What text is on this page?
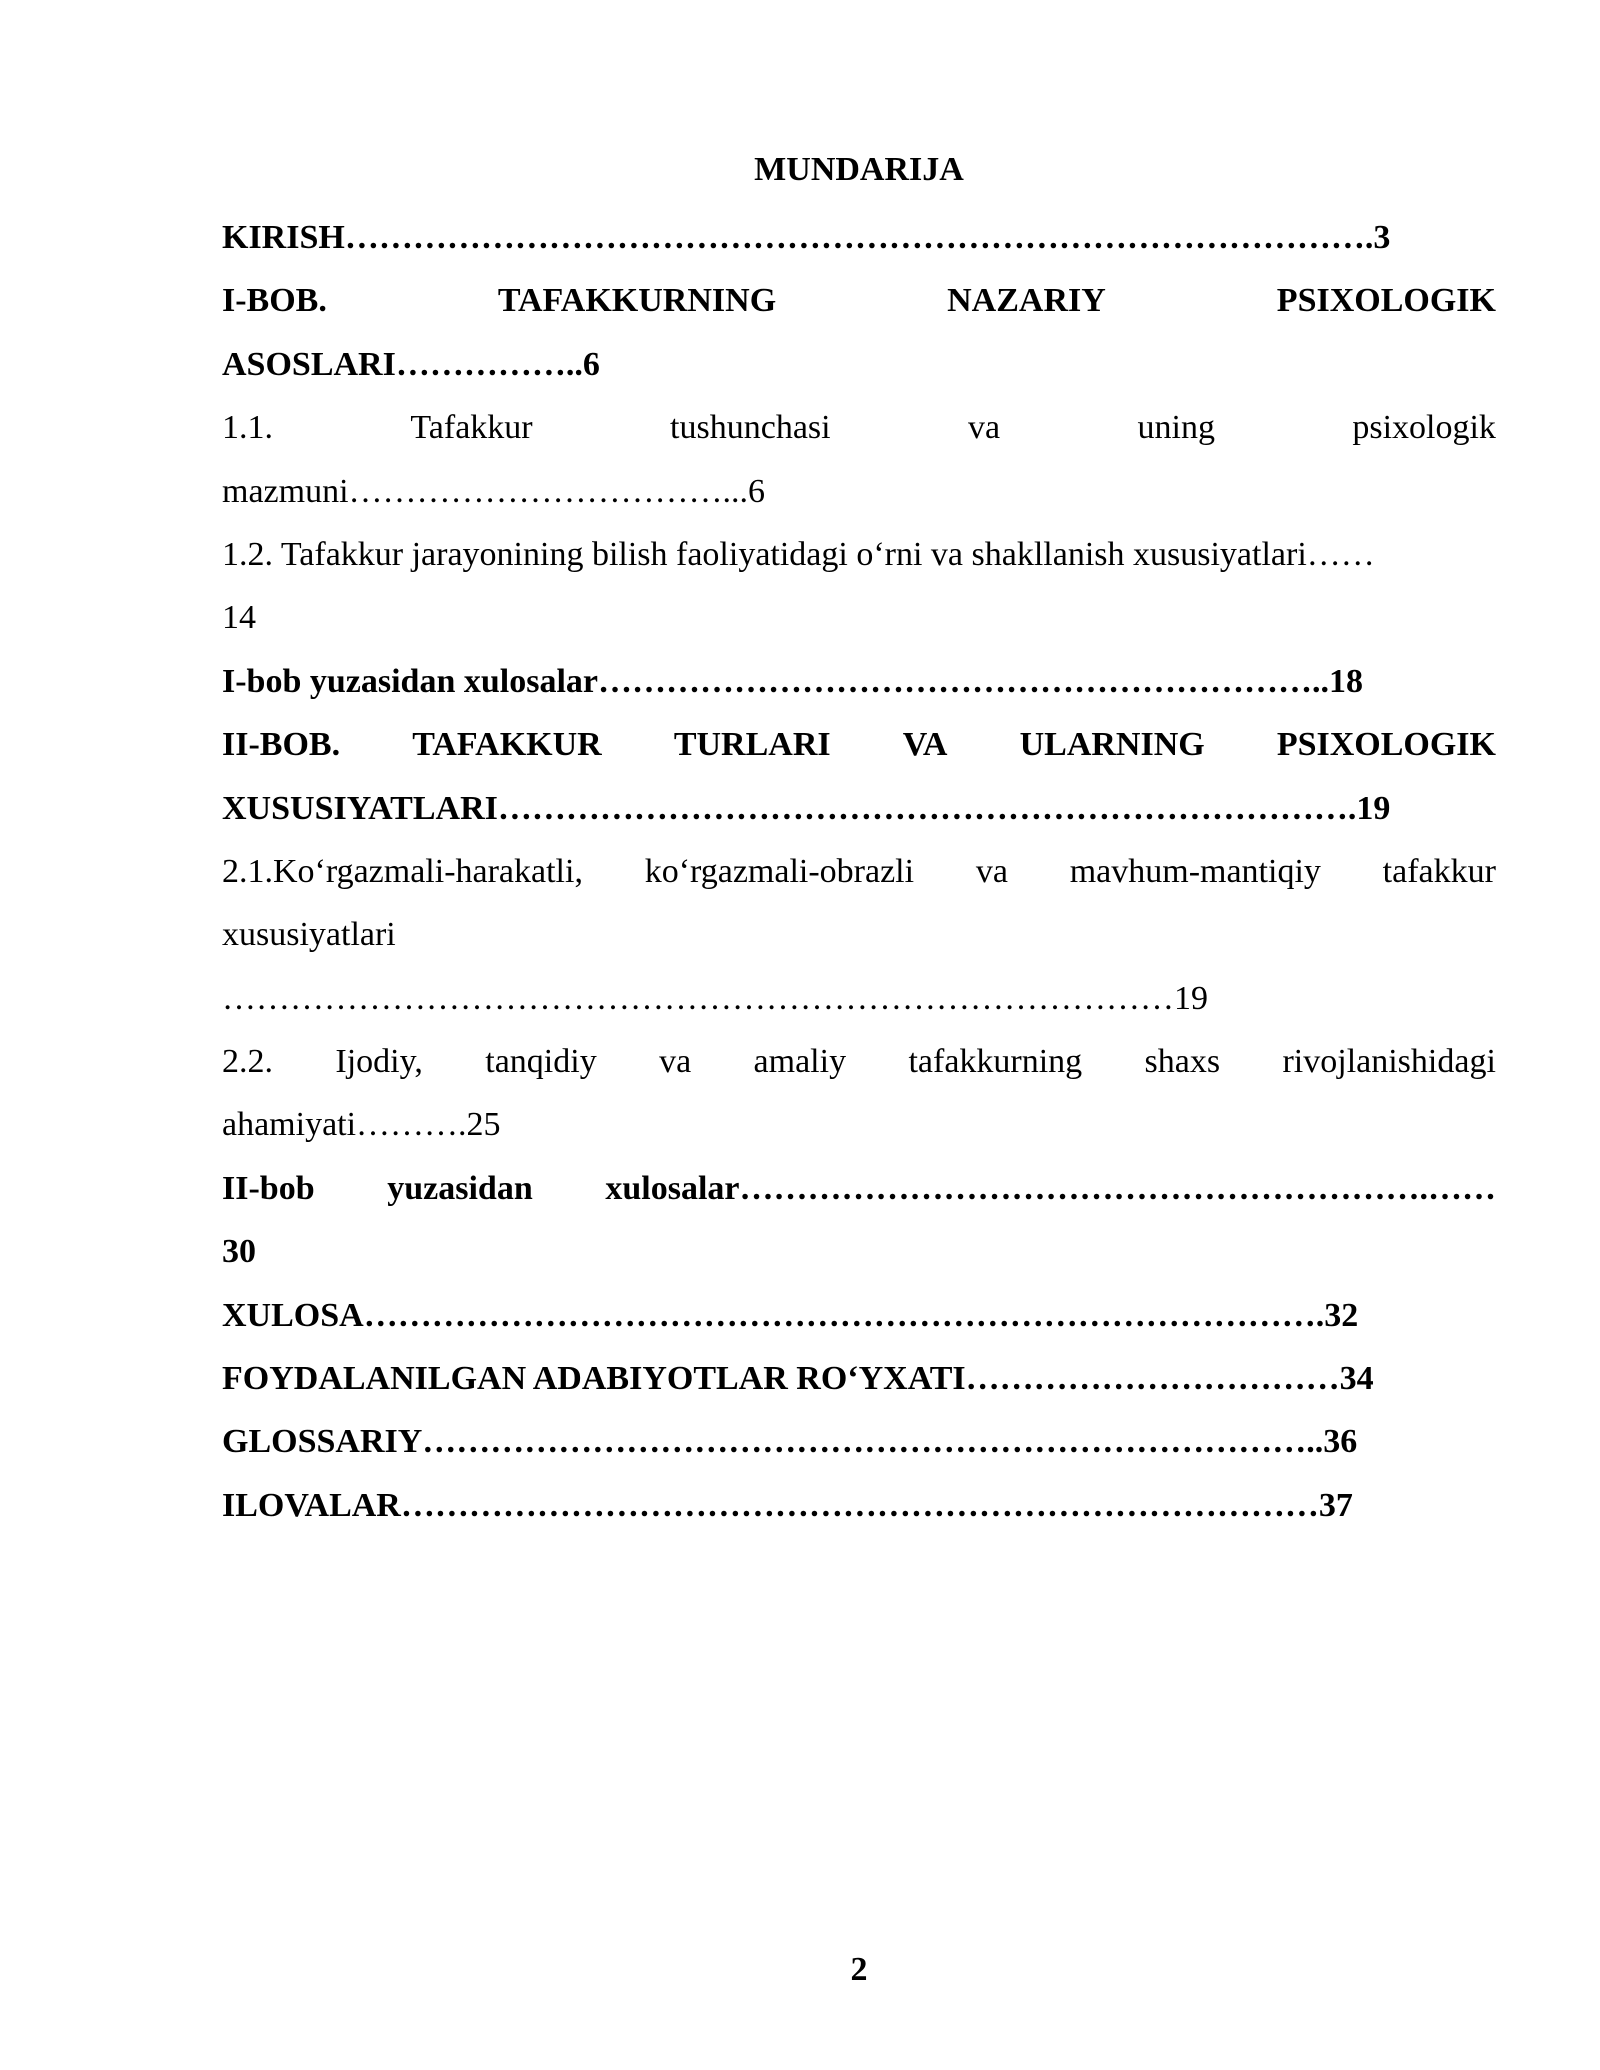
MUNDARIJA
KIRISH……………………………………………………………………………….3
I-BOB.	TAFAKKURNING	NAZARIY	PSIXOLOGIK
ASOSLARI……………..6
1.1.	Tafakkur	tushunchasi	va	uning	psixologik
mazmuni……………………………...6
1.2. Tafakkur jarayonining bilish faoliyatidagi o‘rni va shakllanish xususiyatlari……
14
I-bob yuzasidan xulosalar………………………………………………………..18
II-BOB. TAFAKKUR TURLARI VA ULARNING PSIXOLOGIK
XUSUSIYATLARI………………………………………………………………….19
2.1.Ko‘rgazmali-harakatli, ko‘rgazmali-obrazli va mavhum-mantiqiy tafakkur
xususiyatlari
…………………………………………………………………………19
2.2. Ijodiy, tanqidiy va amaliy tafakkurning shaxs rivojlanishidagi
ahamiyati……….25
II-bob yuzasidan xulosalar…………………………………………………….……
30
XULOSA………………………………………………………………………….32
FOYDALANILGAN ADABIYOTLAR RO‘YXATI……………………………34
GLOSSARIY……………………………………………………………………..36
ILOVALAR………………………………………………………………………37
2
